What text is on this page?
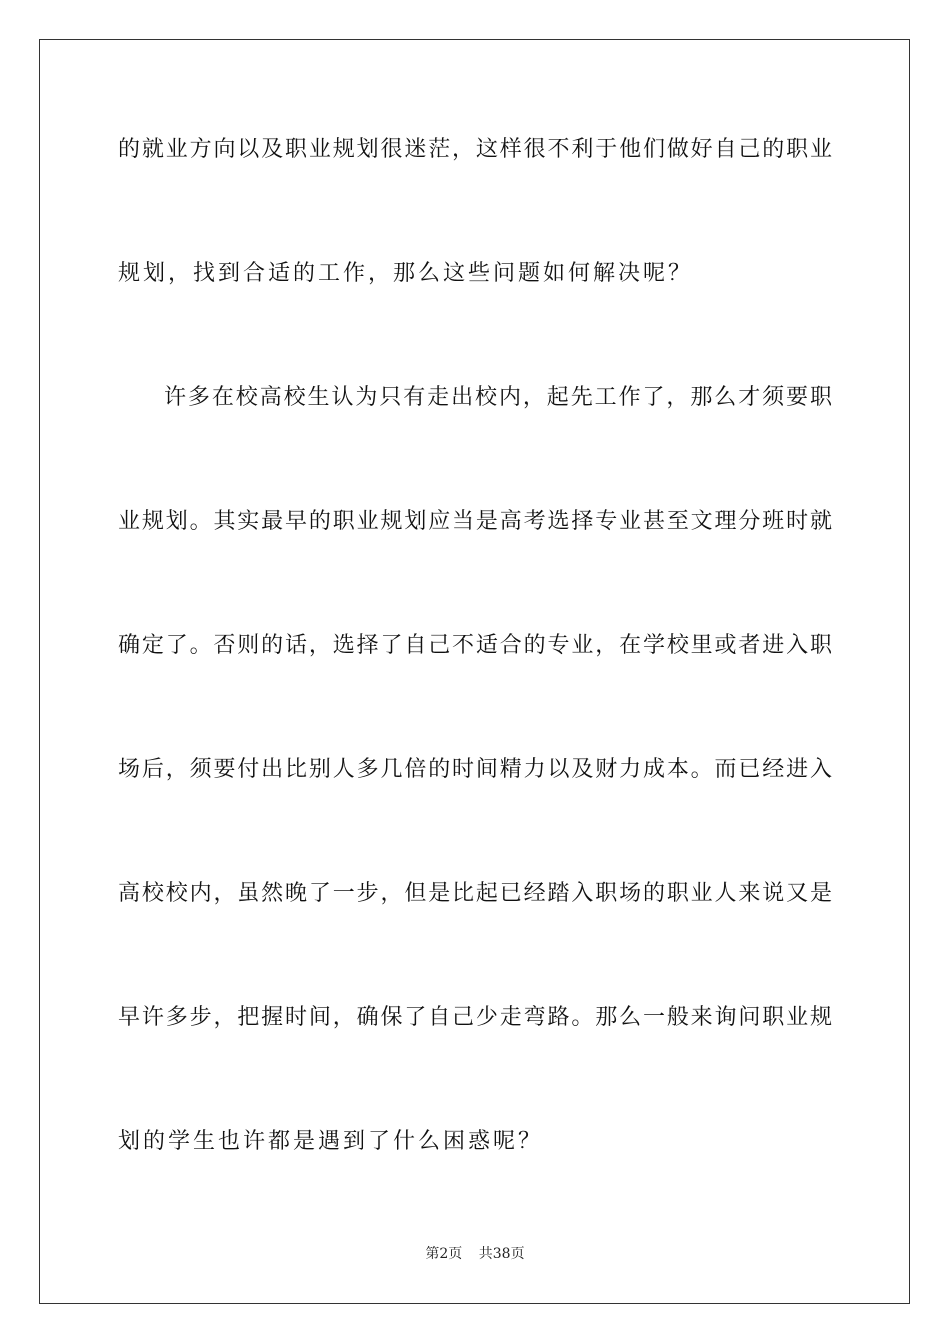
的就业方向以及职业规划很迷茫，这样很不利于他们做好自己的职业
规划，找到合适的工作，那么这些问题如何解决呢？
许多在校高校生认为只有走出校内，起先工作了，那么才须要职
业规划。其实最早的职业规划应当是高考选择专业甚至文理分班时就
确定了。否则的话，选择了自己不适合的专业，在学校里或者进入职
场后，须要付出比别人多几倍的时间精力以及财力成本。而已经进入
高校校内，虽然晚了一步，但是比起已经踏入职场的职业人来说又是
早许多步，把握时间，确保了自己少走弯路。那么一般来询问职业规
划的学生也许都是遇到了什么困惑呢？
第2页 共38页
